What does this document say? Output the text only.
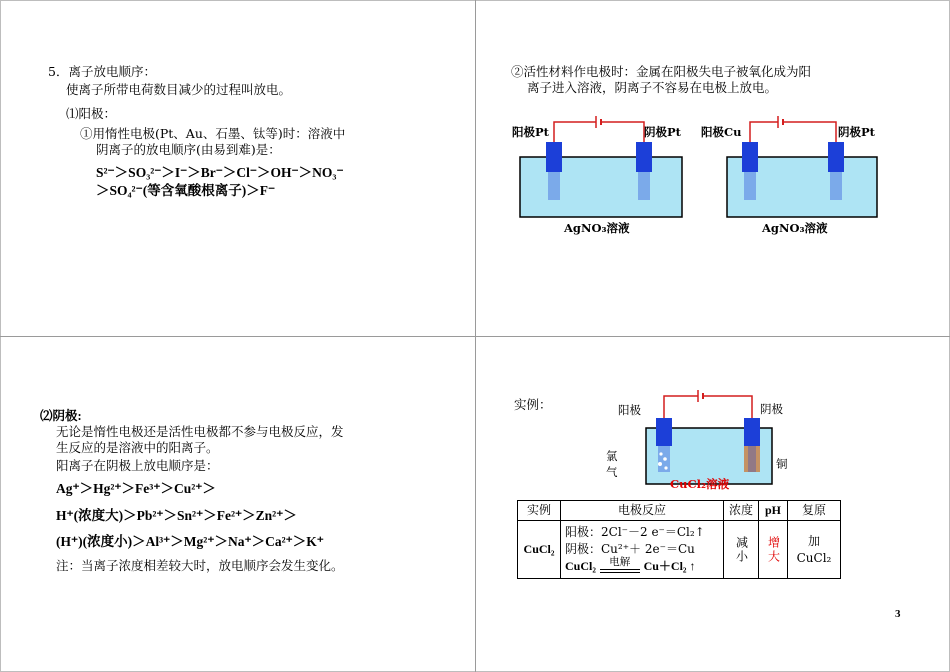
5．离子放电顺序：
使离子所带电荷数目减少的过程叫放电。
⑴阳极：
①用惰性电极(Pt、Au、石墨、钛等)时：溶液中
阴离子的放电顺序(由易到难)是：
S²⁻＞SO₃²⁻＞I⁻＞Br⁻＞Cl⁻＞OH⁻＞NO₃⁻
＞SO₄²⁻(等含氧酸根离子)＞F⁻
②活性材料作电极时：金属在阳极失电子被氧化成为阳
离子进入溶液，阴离子不容易在电极上放电。
阳极Pt	阴极Pt
AgNO₃溶液
阳极Cu	阴极Pt
AgNO₃溶液
⑵阴极:
无论是惰性电极还是活性电极都不参与电极反应，发
生反应的是溶液中的阳离子。
阳离子在阴极上放电顺序是：
Ag⁺＞Hg²⁺＞Fe³⁺＞Cu²⁺＞
H⁺(浓度大)＞Pb²⁺＞Sn²⁺＞Fe²⁺＞Zn²⁺＞
(H⁺)(浓度小)＞Al³⁺＞Mg²⁺＞Na⁺＞Ca²⁺＞K⁺
注：当离子浓度相差较大时，放电顺序会发生变化。
实例：	阳极	阴极
氯
气
铜
CuCl₂溶液
实例	电极反应	浓度	pH	复原
CuCl₂	阳极：2Cl⁻－2 e⁻＝Cl₂↑
阴极：Cu²⁺＋ 2e⁻＝Cu
CuCl₂ 电解 Cu＋Cl₂ ↑	减小	增大	加CuCl₂
3
